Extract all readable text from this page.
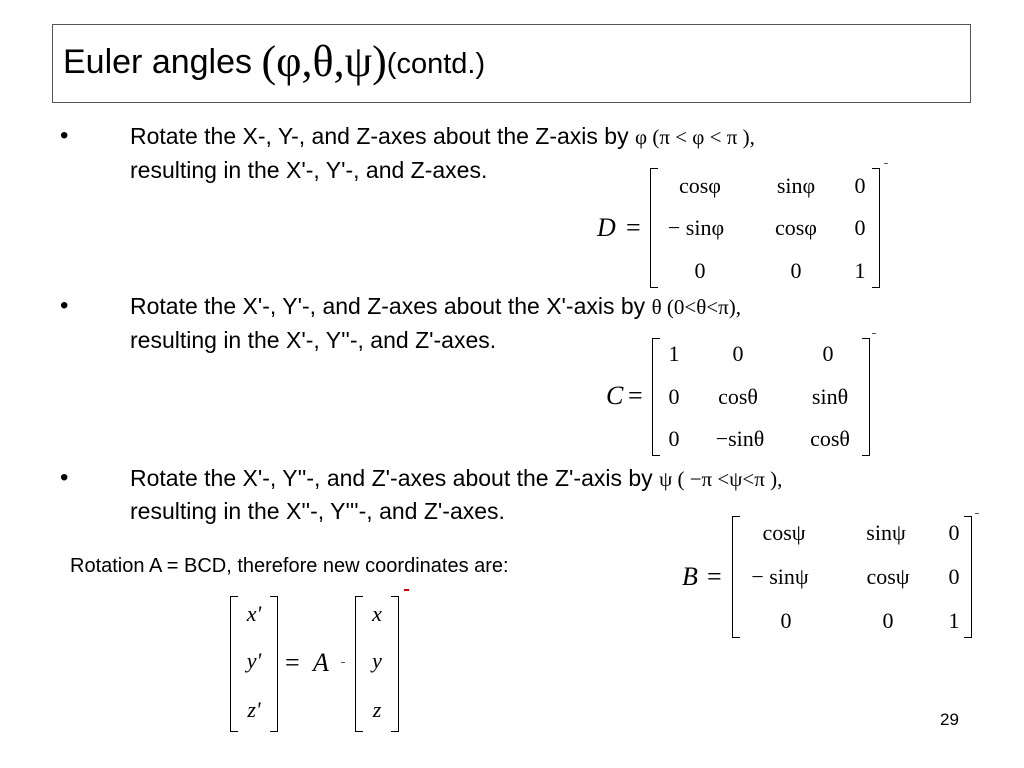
Euler angles (φ,θ,ψ)(contd.)
•	Rotate the X-, Y-, and Z-axes about the Z-axis by φ (π < φ < π ),
resulting in the X'-, Y'-, and Z-axes.
D =
cosφ	sinφ 0
− sinφ cosφ 0
0	0 1
•	Rotate the X'-, Y'-, and Z-axes about the X'-axis by θ (0<θ<π),
resulting in the X'-, Y''-, and Z'-axes.
C =
1 0	0
0 cosθ sinθ
0 −sinθ cosθ
•	Rotate the X'-, Y''-, and Z'-axes about the Z'-axis by ψ ( −π <ψ<π ),
resulting in the X''-, Y'''-, and Z'-axes.
B =
cosψ	sinψ 0
− sinψ	cosψ 0
0	0	1
Rotation A = BCD, therefore new coordinates are:
x'
y'
z'
= A
x
y
z	29
